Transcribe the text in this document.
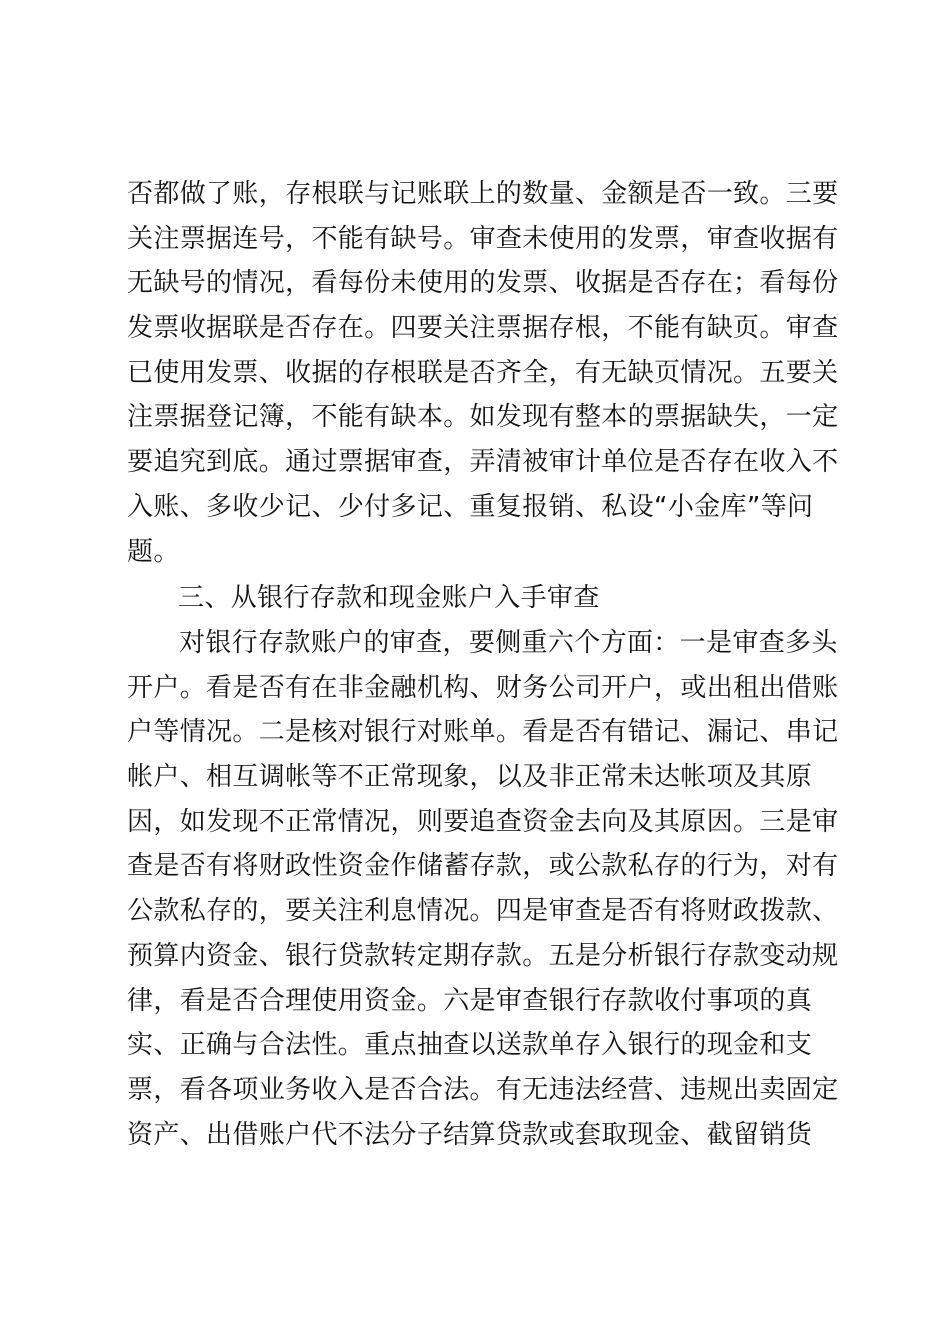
否都做了账，存根联与记账联上的数量、金额是否一致。三要
关注票据连号，不能有缺号。审查未使用的发票，审查收据有
无缺号的情况，看每份未使用的发票、收据是否存在；看每份
发票收据联是否存在。四要关注票据存根，不能有缺页。审查
已使用发票、收据的存根联是否齐全，有无缺页情况。五要关
注票据登记簿，不能有缺本。如发现有整本的票据缺失，一定
要追究到底。通过票据审查，弄清被审计单位是否存在收入不
入账、多收少记、少付多记、重复报销、私设“小金库”等问
题。
三、从银行存款和现金账户入手审查
对银行存款账户的审查，要侧重六个方面：一是审查多头
开户。看是否有在非金融机构、财务公司开户，或出租出借账
户等情况。二是核对银行对账单。看是否有错记、漏记、串记
帐户、相互调帐等不正常现象，以及非正常未达帐项及其原
因，如发现不正常情况，则要追查资金去向及其原因。三是审
查是否有将财政性资金作储蓄存款，或公款私存的行为，对有
公款私存的，要关注利息情况。四是审查是否有将财政拨款、
预算内资金、银行贷款转定期存款。五是分析银行存款变动规
律，看是否合理使用资金。六是审查银行存款收付事项的真
实、正确与合法性。重点抽查以送款单存入银行的现金和支
票，看各项业务收入是否合法。有无违法经营、违规出卖固定
资产、出借账户代不法分子结算贷款或套取现金、截留销货
